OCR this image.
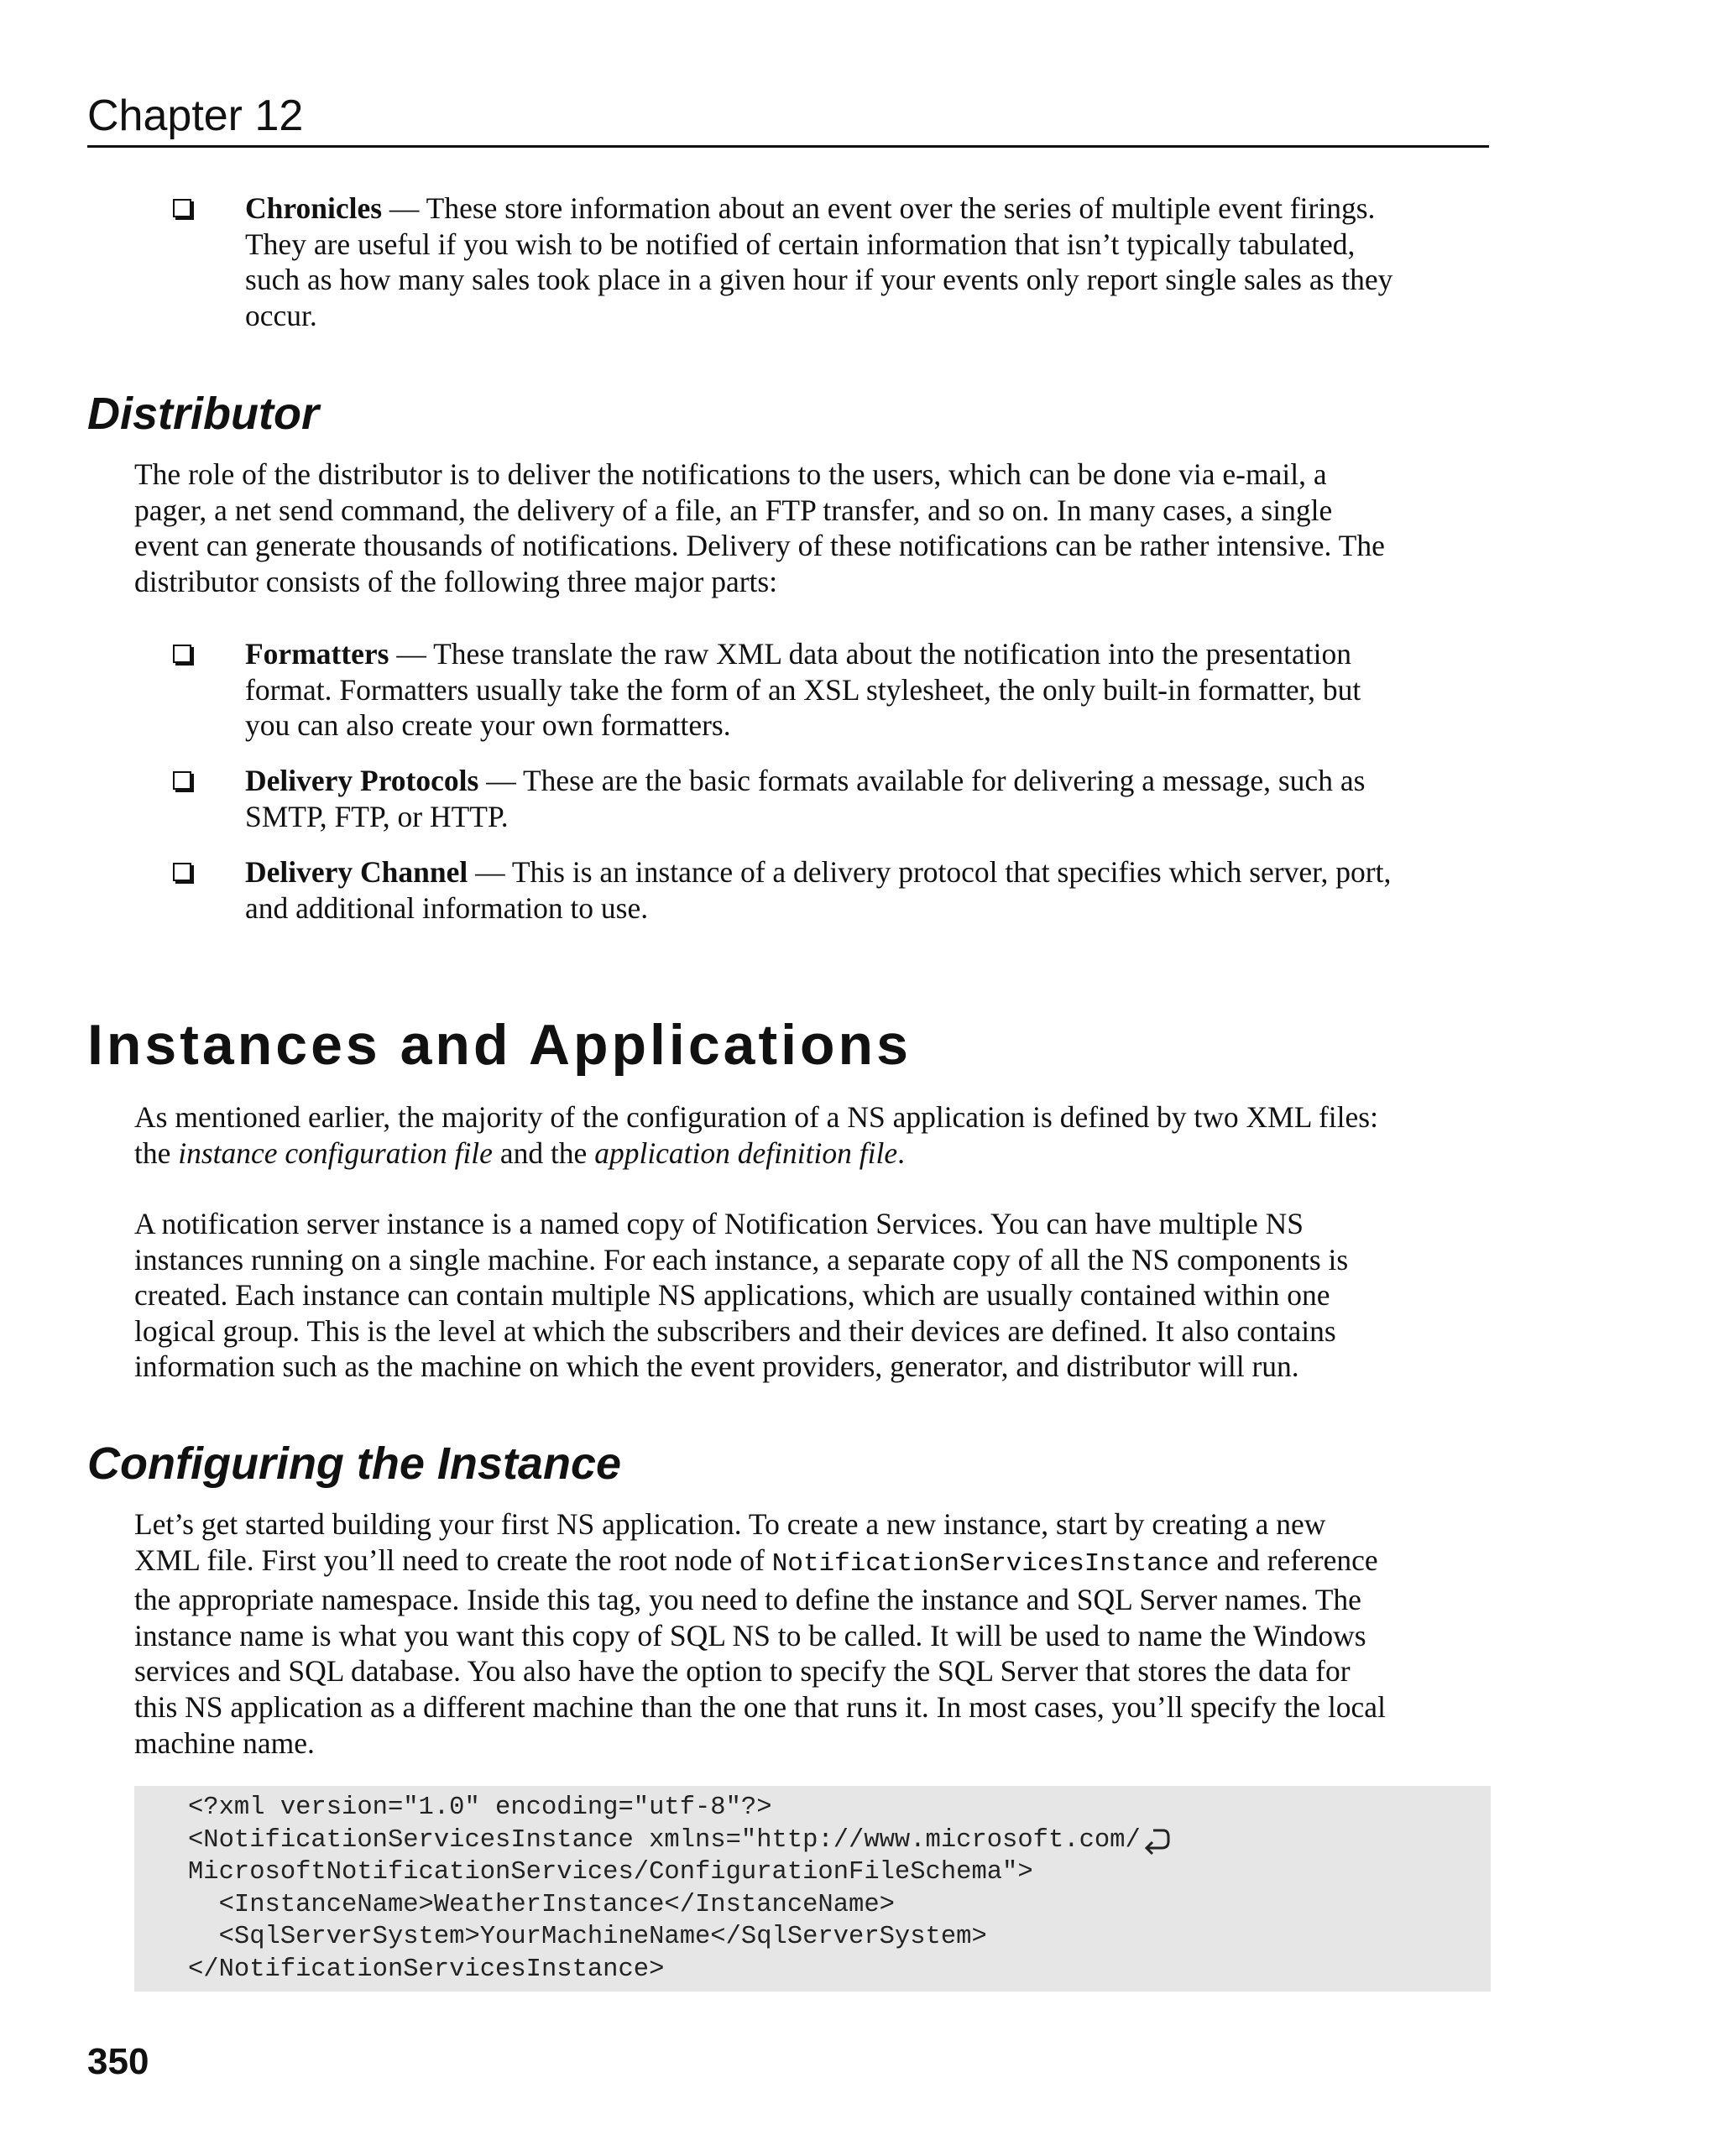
Chapter 12

Chronicles — These store information about an event over the series of multiple event firings.
They are useful if you wish to be notified of certain information that isn’t typically tabulated,
such as how many sales took place in a given hour if your events only report single sales as they
occur.

Distributor

The role of the distributor is to deliver the notifications to the users, which can be done via e-mail, a
pager, a net send command, the delivery of a file, an FTP transfer, and so on. In many cases, a single
event can generate thousands of notifications. Delivery of these notifications can be rather intensive. The
distributor consists of the following three major parts:

Formatters — These translate the raw XML data about the notification into the presentation
format. Formatters usually take the form of an XSL stylesheet, the only built-in formatter, but
you can also create your own formatters.

Delivery Protocols — These are the basic formats available for delivering a message, such as
SMTP, FTP, or HTTP.

Delivery Channel — This is an instance of a delivery protocol that specifies which server, port,
and additional information to use.

Instances and Applications

As mentioned earlier, the majority of the configuration of a NS application is defined by two XML files:
the instance configuration file and the application definition file.

A notification server instance is a named copy of Notification Services. You can have multiple NS
instances running on a single machine. For each instance, a separate copy of all the NS components is
created. Each instance can contain multiple NS applications, which are usually contained within one
logical group. This is the level at which the subscribers and their devices are defined. It also contains
information such as the machine on which the event providers, generator, and distributor will run.

Configuring the Instance

Let’s get started building your first NS application. To create a new instance, start by creating a new
XML file. First you’ll need to create the root node of NotificationServicesInstance and reference
the appropriate namespace. Inside this tag, you need to define the instance and SQL Server names. The
instance name is what you want this copy of SQL NS to be called. It will be used to name the Windows
services and SQL database. You also have the option to specify the SQL Server that stores the data for
this NS application as a different machine than the one that runs it. In most cases, you’ll specify the local
machine name.

<?xml version="1.0" encoding="utf-8"?>
<NotificationServicesInstance xmlns="http://www.microsoft.com/
MicrosoftNotificationServices/ConfigurationFileSchema">
<InstanceName>WeatherInstance</InstanceName>
<SqlServerSystem>YourMachineName</SqlServerSystem>
</NotificationServicesInstance>
350
